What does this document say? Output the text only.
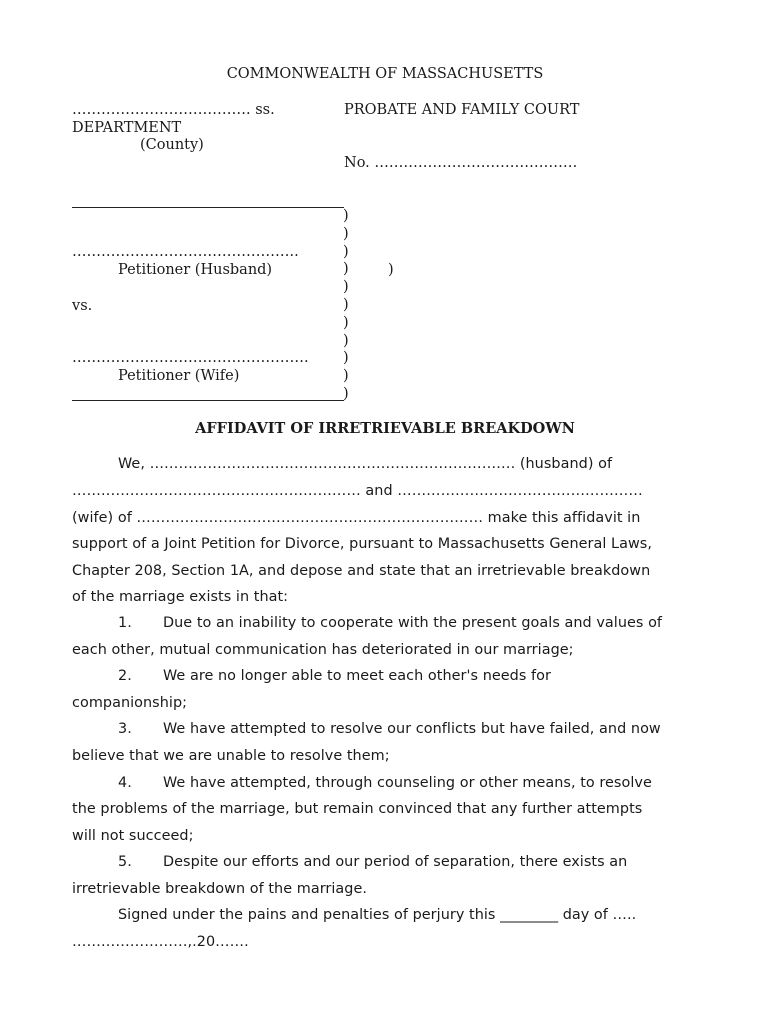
COMMONWEALTH OF MASSACHUSETTS
………………………………. ss.	PROBATE AND FAMILY COURT
DEPARTMENT
(County)
No. ……………………………………
………………………………………..
Petitioner (Husband)
vs.
………………………………………….
Petitioner (Wife)
)
)
)
)
)
)
)
)
)
)
)
)
AFFIDAVIT OF IRRETRIEVABLE BREAKDOWN
We, …………………………………………………………………. (husband) of
…………………………………………………… and ……………………………………………
(wife) of ……………………………………………………………… make this affidavit in
support of a Joint Petition for Divorce, pursuant to Massachusetts General Laws,
Chapter 208, Section 1A, and depose and state that an irretrievable breakdown
of the marriage exists in that:
1. Due to an inability to cooperate with the present goals and values of
each other, mutual communication has deteriorated in our marriage;
2. We are no longer able to meet each other's needs for
companionship;
3. We have attempted to resolve our conflicts but have failed, and now
believe that we are unable to resolve them;
4. We have attempted, through counseling or other means, to resolve
the problems of the marriage, but remain convinced that any further attempts
will not succeed;
5. Despite our efforts and our period of separation, there exists an
irretrievable breakdown of the marriage.
Signed under the pains and penalties of perjury this ________ day of …..
……………………,.20…….
